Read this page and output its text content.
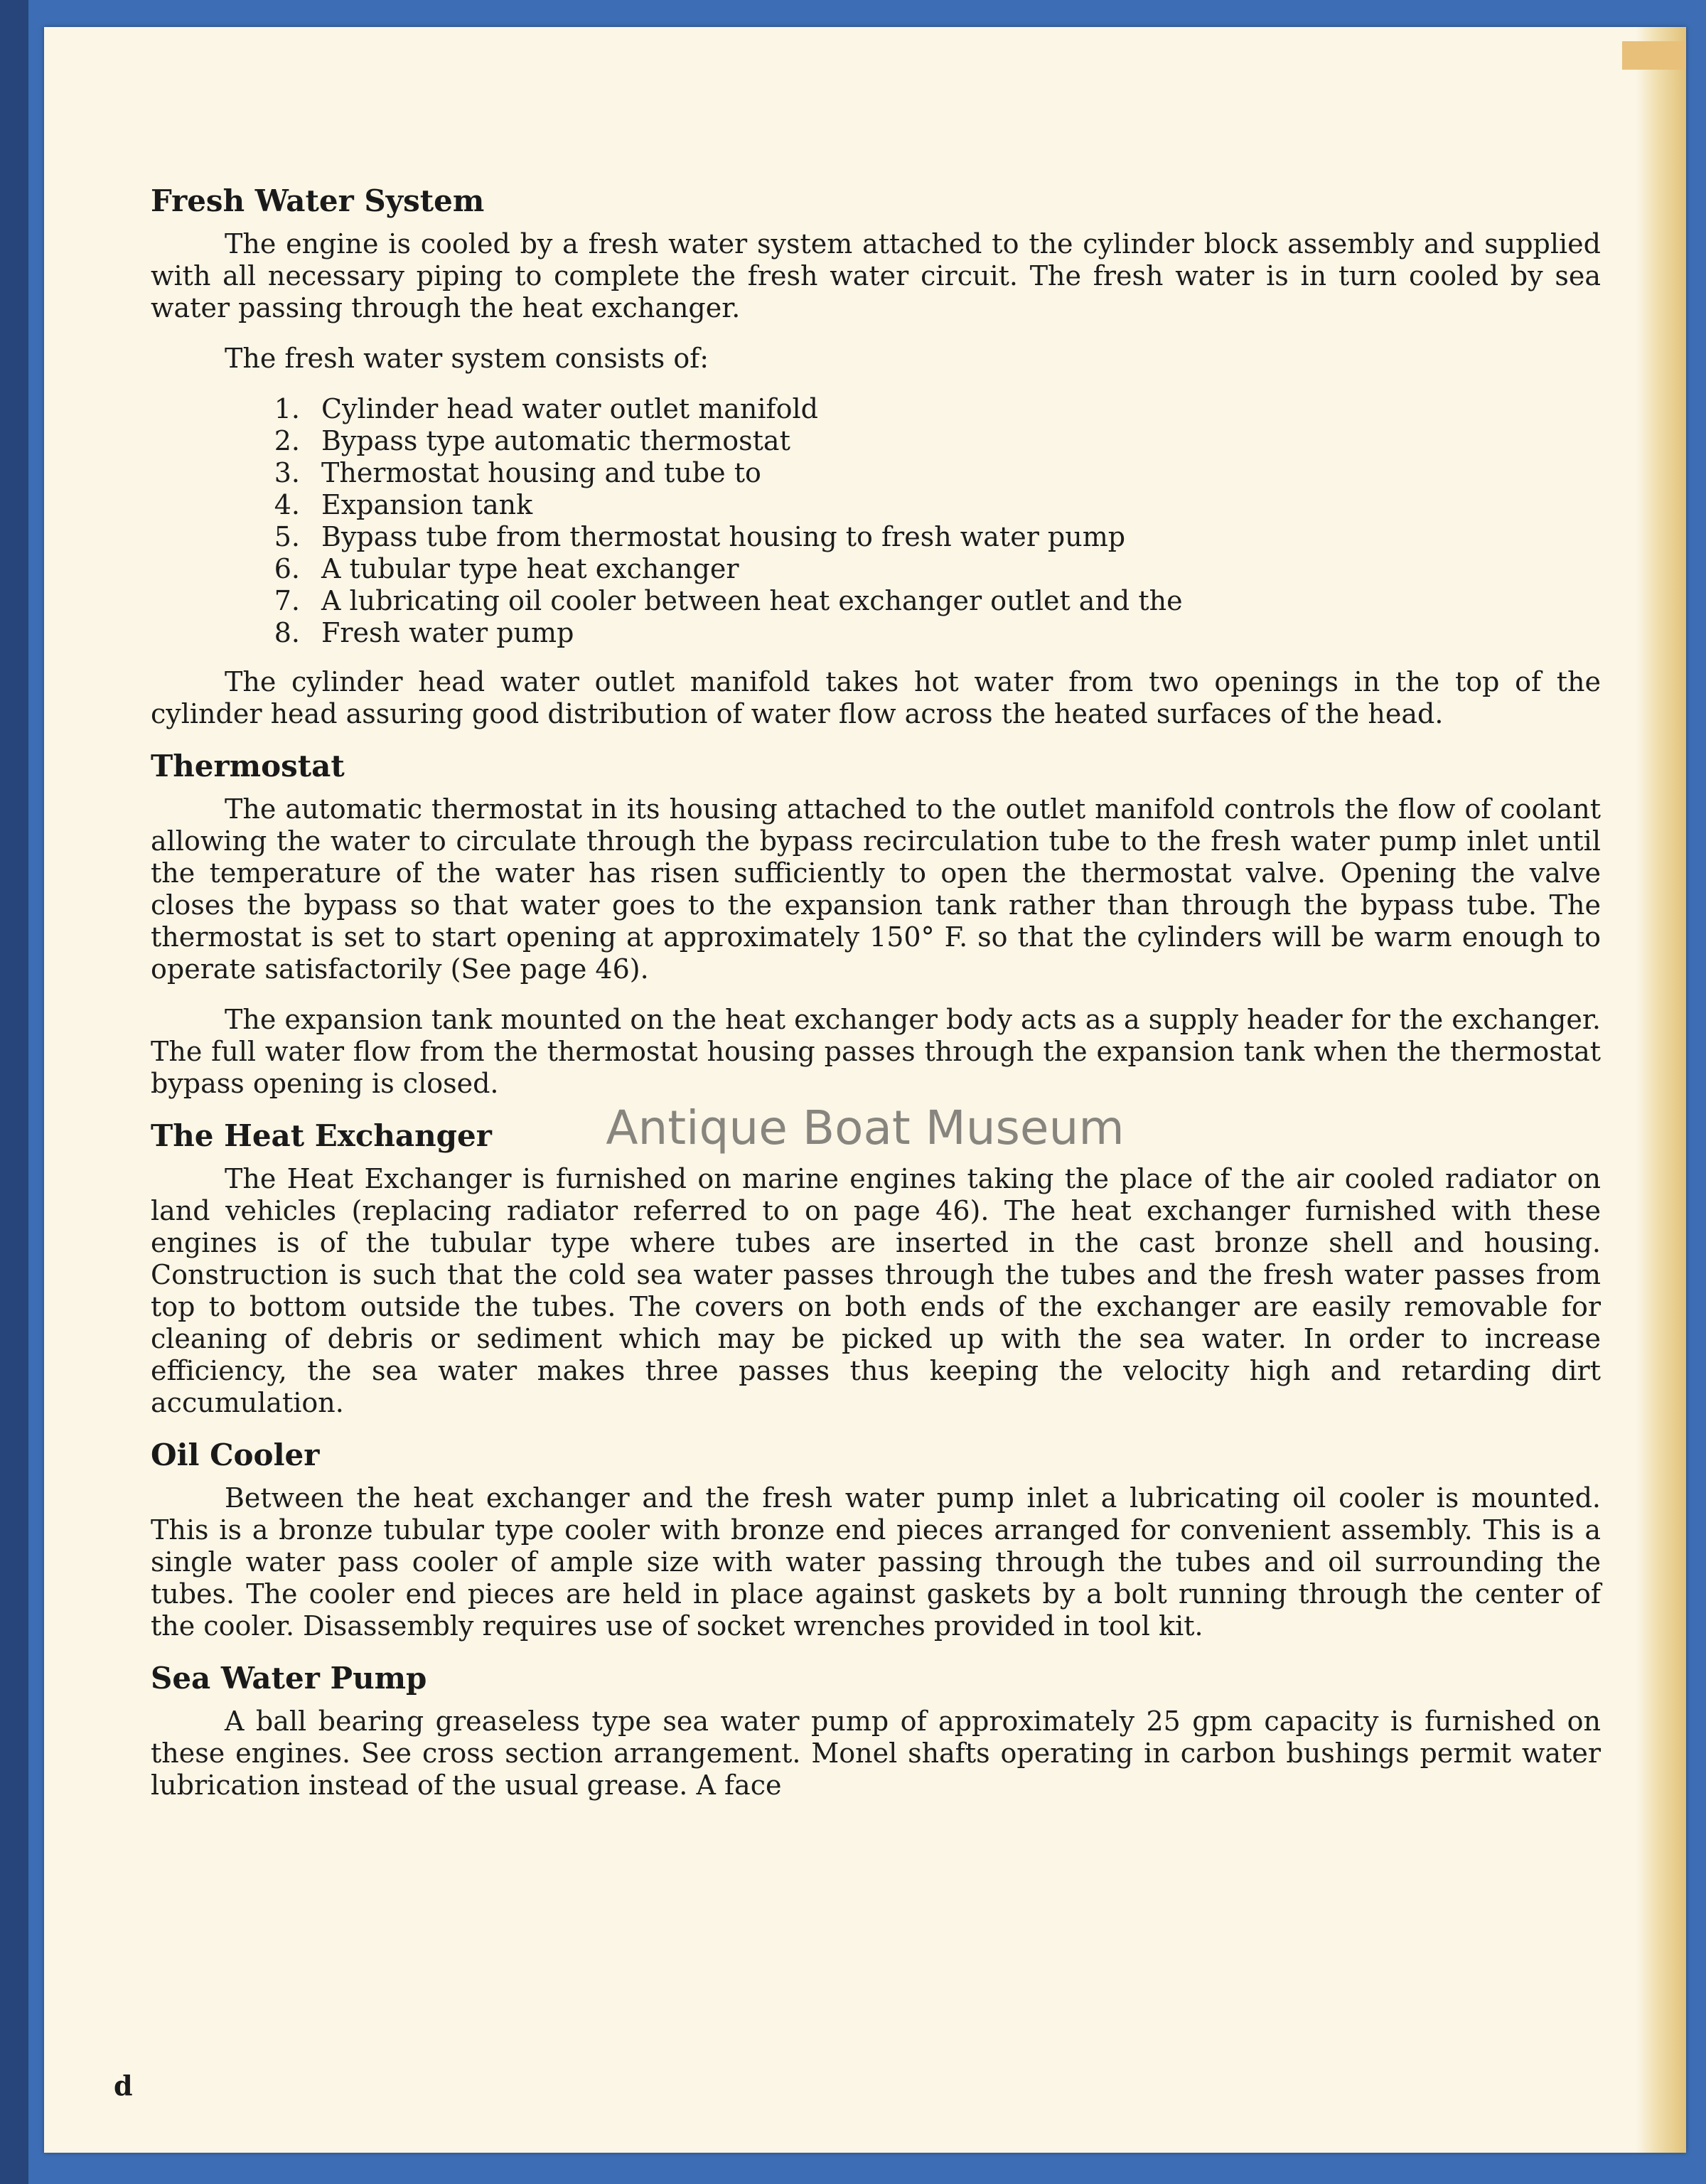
Fresh Water System

The engine is cooled by a fresh water system attached to the cylinder block assembly and supplied with all necessary piping to complete the fresh water circuit. The fresh water is in turn cooled by sea water passing through the heat exchanger.

The fresh water system consists of:

1. Cylinder head water outlet manifold
2. Bypass type automatic thermostat
3. Thermostat housing and tube to
4. Expansion tank
5. Bypass tube from thermostat housing to fresh water pump
6. A tubular type heat exchanger
7. A lubricating oil cooler between heat exchanger outlet and the
8. Fresh water pump

The cylinder head water outlet manifold takes hot water from two openings in the top of the cylinder head assuring good distribution of water flow across the heated surfaces of the head.

Thermostat

The automatic thermostat in its housing attached to the outlet manifold controls the flow of coolant allowing the water to circulate through the bypass recirculation tube to the fresh water pump inlet until the temperature of the water has risen sufficiently to open the thermostat valve. Opening the valve closes the bypass so that water goes to the expansion tank rather than through the bypass tube. The thermostat is set to start opening at approximately 150° F. so that the cylinders will be warm enough to operate satisfactorily (See page 46).

The expansion tank mounted on the heat exchanger body acts as a supply header for the exchanger. The full water flow from the thermostat housing passes through the expansion tank when the thermostat bypass opening is closed.

The Heat Exchanger

The Heat Exchanger is furnished on marine engines taking the place of the air cooled radiator on land vehicles (replacing radiator referred to on page 46). The heat exchanger furnished with these engines is of the tubular type where tubes are inserted in the cast bronze shell and housing. Construction is such that the cold sea water passes through the tubes and the fresh water passes from top to bottom outside the tubes. The covers on both ends of the exchanger are easily removable for cleaning of debris or sediment which may be picked up with the sea water. In order to increase efficiency, the sea water makes three passes thus keeping the velocity high and retarding dirt accumulation.

Oil Cooler

Between the heat exchanger and the fresh water pump inlet a lubricating oil cooler is mounted. This is a bronze tubular type cooler with bronze end pieces arranged for convenient assembly. This is a single water pass cooler of ample size with water passing through the tubes and oil surrounding the tubes. The cooler end pieces are held in place against gaskets by a bolt running through the center of the cooler. Disassembly requires use of socket wrenches provided in tool kit.

Sea Water Pump

A ball bearing greaseless type sea water pump of approximately 25 gpm capacity is furnished on these engines. See cross section arrangement. Monel shafts operating in carbon bushings permit water lubrication instead of the usual grease. A face

Antique Boat Museum
d
